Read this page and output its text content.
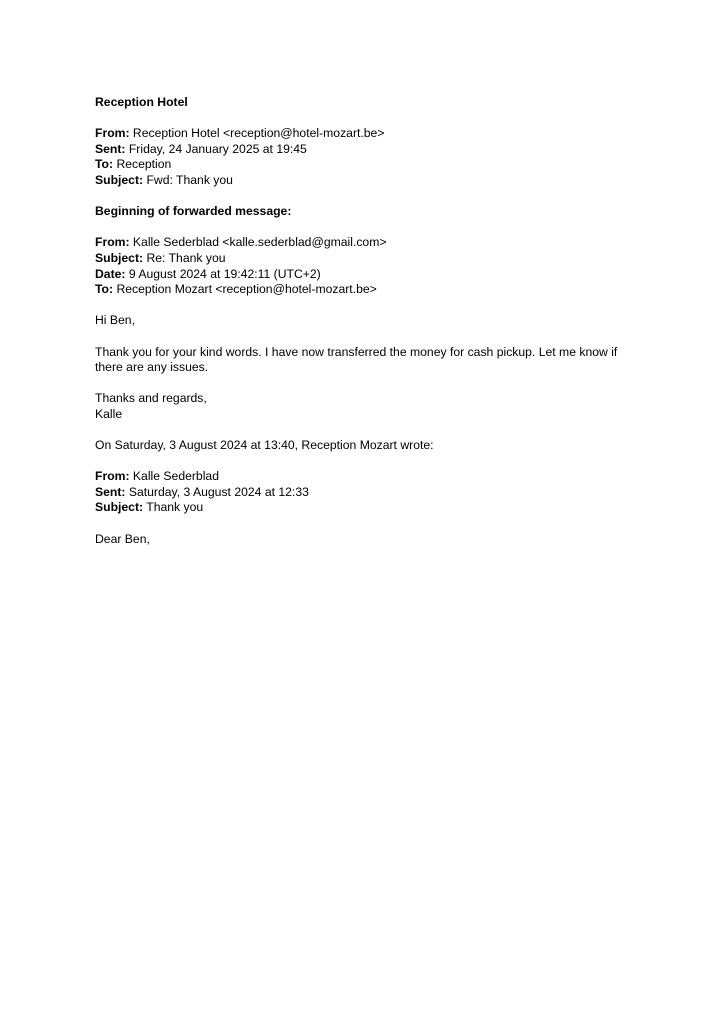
Reception Hotel
From: Reception Hotel <reception@hotel-mozart.be>
Sent: Friday, 24 January 2025 at 19:45
To: Reception
Subject: Fwd: Thank you
Beginning of forwarded message:
From: Kalle Sederblad <kalle.sederblad@gmail.com>
Subject: Re: Thank you
Date: 9 August 2024 at 19:42:11 (UTC+2)
To: Reception Mozart <reception@hotel-mozart.be>
Hi Ben,
Thank you for your kind words. I have now transferred the money for cash pickup. Let me know if
there are any issues.
Thanks and regards,
Kalle
On Saturday, 3 August 2024 at 13:40, Reception Mozart wrote:
From: Kalle Sederblad
Sent: Saturday, 3 August 2024 at 12:33
Subject: Thank you
Dear Ben,
